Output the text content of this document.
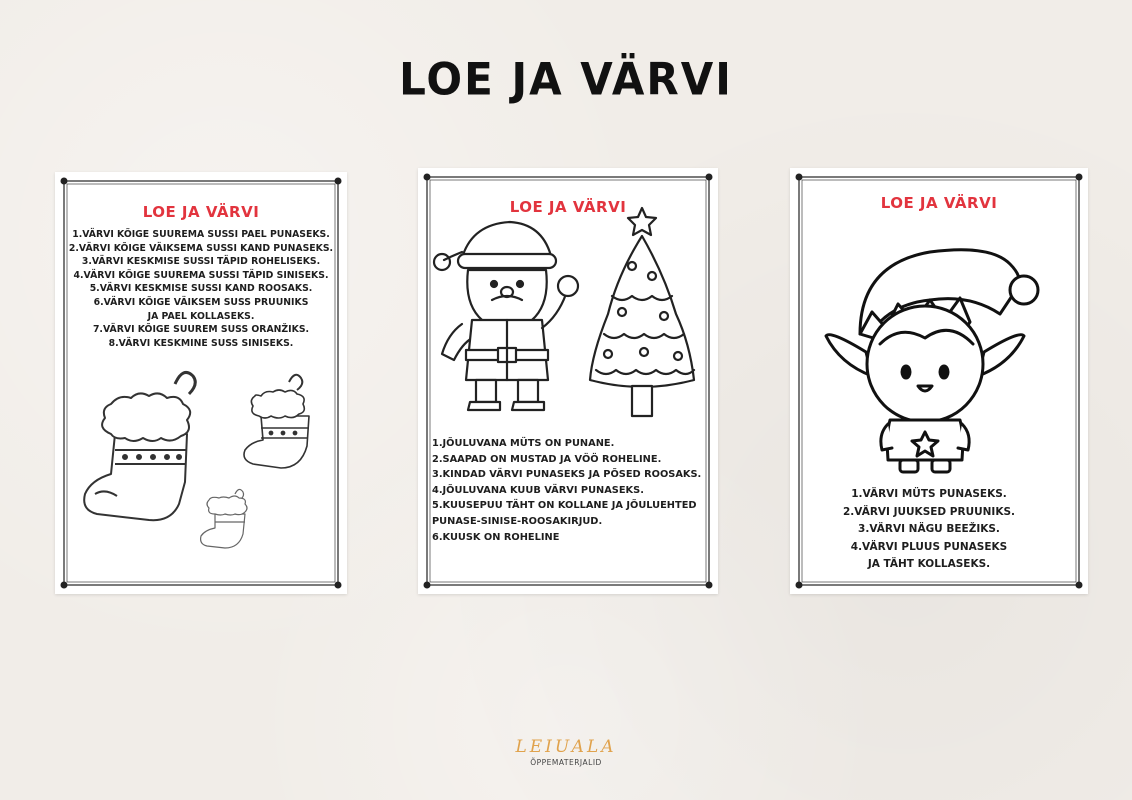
LOE JA VÄRVI
LOE JA VÄRVI
1.VÄRVI KÕIGE SUUREMA SUSSI PAEL PUNASEKS.
2.VÄRVI KÕIGE VÄIKSEMA SUSSI KAND PUNASEKS.
3.VÄRVI KESKMISE SUSSI TÄPID ROHELISEKS.
4.VÄRVI KÕIGE SUUREMA SUSSI TÄPID SINISEKS.
5.VÄRVI KESKMISE SUSSI KAND ROOSAKS.
6.VÄRVI KÕIGE VÄIKSEM SUSS PRUUNIKS
JA PAEL KOLLASEKS.
7.VÄRVI KÕIGE SUUREM SUSS ORANŽIKS.
8.VÄRVI KESKMINE SUSS SINISEKS.
LOE JA VÄRVI
1.JÕULUVANA MÜTS ON PUNANE.
2.SAAPAD ON MUSTAD JA VÖÖ ROHELINE.
3.KINDAD VÄRVI PUNASEKS JA PÕSED ROOSAKS.
4.JÕULUVANA KUUB VÄRVI PUNASEKS.
5.KUUSEPUU TÄHT ON KOLLANE JA JÕULUEHTED
PUNASE-SINISE-ROOSAKIRJUD.
6.KUUSK ON ROHELINE
LOE JA VÄRVI
1.VÄRVI MÜTS PUNASEKS.
2.VÄRVI JUUKSED PRUUNIKS.
3.VÄRVI NÄGU BEEŽIKS.
4.VÄRVI PLUUS PUNASEKS
JA TÄHT KOLLASEKS.
LEIUALA
ÕPPEMATERJALID
